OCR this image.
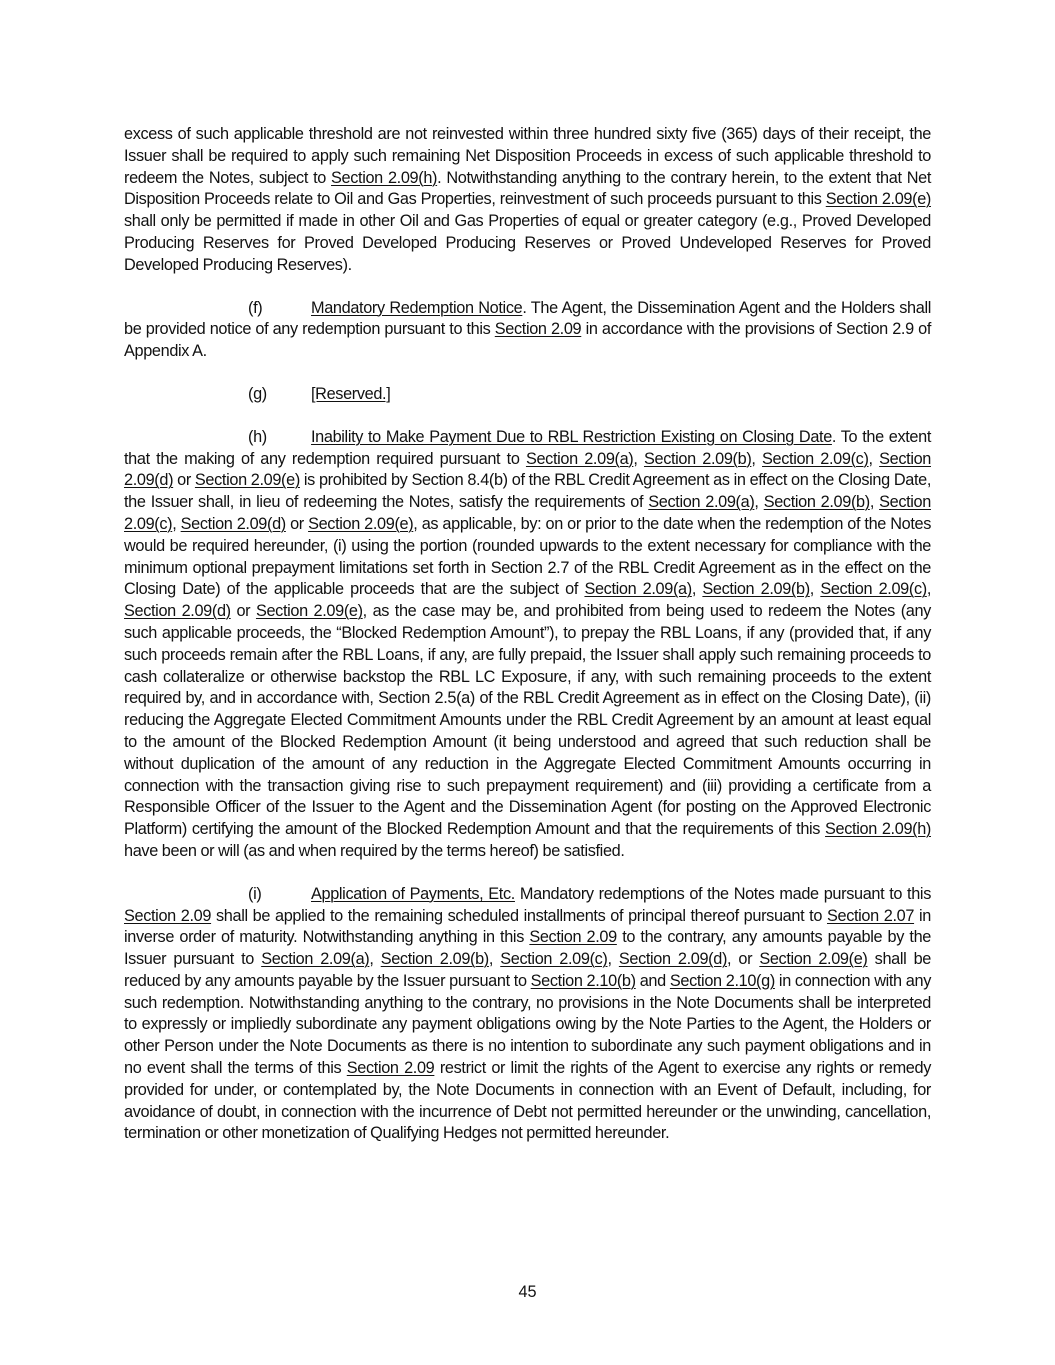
excess of such applicable threshold are not reinvested within three hundred sixty five (365) days of their receipt, the Issuer shall be required to apply such remaining Net Disposition Proceeds in excess of such applicable threshold to redeem the Notes, subject to Section 2.09(h). Notwithstanding anything to the contrary herein, to the extent that Net Disposition Proceeds relate to Oil and Gas Properties, reinvestment of such proceeds pursuant to this Section 2.09(e) shall only be permitted if made in other Oil and Gas Properties of equal or greater category (e.g., Proved Developed Producing Reserves for Proved Developed Producing Reserves or Proved Undeveloped Reserves for Proved Developed Producing Reserves).

(f)	Mandatory Redemption Notice. The Agent, the Dissemination Agent and the Holders shall be provided notice of any redemption pursuant to this Section 2.09 in accordance with the provisions of Section 2.9 of Appendix A.

(g)	[Reserved.]

(h)	Inability to Make Payment Due to RBL Restriction Existing on Closing Date. To the extent that the making of any redemption required pursuant to Section 2.09(a), Section 2.09(b), Section 2.09(c), Section 2.09(d) or Section 2.09(e) is prohibited by Section 8.4(b) of the RBL Credit Agreement as in effect on the Closing Date, the Issuer shall, in lieu of redeeming the Notes, satisfy the requirements of Section 2.09(a), Section 2.09(b), Section 2.09(c), Section 2.09(d) or Section 2.09(e), as applicable, by: on or prior to the date when the redemption of the Notes would be required hereunder, (i) using the portion (rounded upwards to the extent necessary for compliance with the minimum optional prepayment limitations set forth in Section 2.7 of the RBL Credit Agreement as in the effect on the Closing Date) of the applicable proceeds that are the subject of Section 2.09(a), Section 2.09(b), Section 2.09(c), Section 2.09(d) or Section 2.09(e), as the case may be, and prohibited from being used to redeem the Notes (any such applicable proceeds, the “Blocked Redemption Amount”), to prepay the RBL Loans, if any (provided that, if any such proceeds remain after the RBL Loans, if any, are fully prepaid, the Issuer shall apply such remaining proceeds to cash collateralize or otherwise backstop the RBL LC Exposure, if any, with such remaining proceeds to the extent required by, and in accordance with, Section 2.5(a) of the RBL Credit Agreement as in effect on the Closing Date), (ii) reducing the Aggregate Elected Commitment Amounts under the RBL Credit Agreement by an amount at least equal to the amount of the Blocked Redemption Amount (it being understood and agreed that such reduction shall be without duplication of the amount of any reduction in the Aggregate Elected Commitment Amounts occurring in connection with the transaction giving rise to such prepayment requirement) and (iii) providing a certificate from a Responsible Officer of the Issuer to the Agent and the Dissemination Agent (for posting on the Approved Electronic Platform) certifying the amount of the Blocked Redemption Amount and that the requirements of this Section 2.09(h) have been or will (as and when required by the terms hereof) be satisfied.

(i)	Application of Payments, Etc. Mandatory redemptions of the Notes made pursuant to this Section 2.09 shall be applied to the remaining scheduled installments of principal thereof pursuant to Section 2.07 in inverse order of maturity. Notwithstanding anything in this Section 2.09 to the contrary, any amounts payable by the Issuer pursuant to Section 2.09(a), Section 2.09(b), Section 2.09(c), Section 2.09(d), or Section 2.09(e) shall be reduced by any amounts payable by the Issuer pursuant to Section 2.10(b) and Section 2.10(g) in connection with any such redemption. Notwithstanding anything to the contrary, no provisions in the Note Documents shall be interpreted to expressly or impliedly subordinate any payment obligations owing by the Note Parties to the Agent, the Holders or other Person under the Note Documents as there is no intention to subordinate any such payment obligations and in no event shall the terms of this Section 2.09 restrict or limit the rights of the Agent to exercise any rights or remedy provided for under, or contemplated by, the Note Documents in connection with an Event of Default, including, for avoidance of doubt, in connection with the incurrence of Debt not permitted hereunder or the unwinding, cancellation, termination or other monetization of Qualifying Hedges not permitted hereunder.

45
